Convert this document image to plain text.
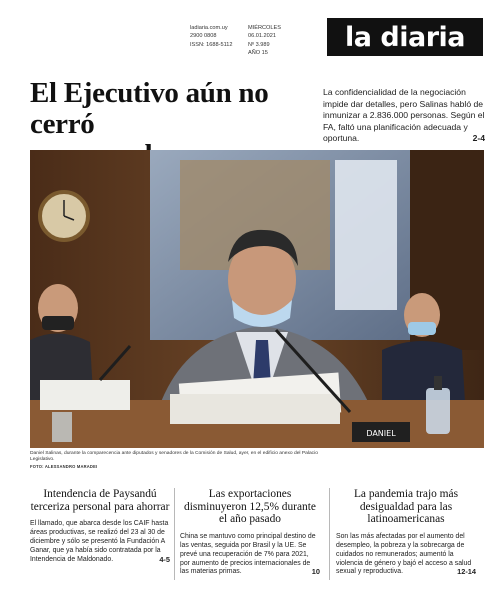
ladiaria.com.uy
2900 0808
ISSN: 1688-5112
MIÉRCOLES
06.01.2021
Nº 3.989
AÑO 15
la diaria
El Ejecutivo aún no cerró

La confidencialidad de la negociación impide dar detalles, pero Salinas habló de inmunizar a 2.836.000 personas. Según el FA, faltó una planificación adecuada y oportuna.	2-4
DANIEL
Daniel Salinas, durante la comparecencia ante diputados y senadores de la Comisión de Salud, ayer, en el edificio anexo del Palacio Legislativo.
FOTO: ALESSANDRO MARADEI
Intendencia de Paysandú terceriza personal para ahorrar

El llamado, que abarca desde los CAIF hasta áreas productivas, se realizó del 23 al 30 de diciembre y sólo se presentó la Fundación A Ganar, que ya había sido contratada por la Intendencia de Maldonado.	4-5

Las exportaciones disminuyeron 12,5% durante el año pasado

China se mantuvo como principal destino de las ventas, seguida por Brasil y la UE. Se prevé una recuperación de 7% para 2021, por aumento de precios internacionales de las materias primas.	10

La pandemia trajo más desigualdad para las latinoamericanas

Son las más afectadas por el aumento del desempleo, la pobreza y la sobrecarga de cuidados no remunerados; aumentó la violencia de género y bajó el acceso a salud sexual y reproductiva.	12-14
